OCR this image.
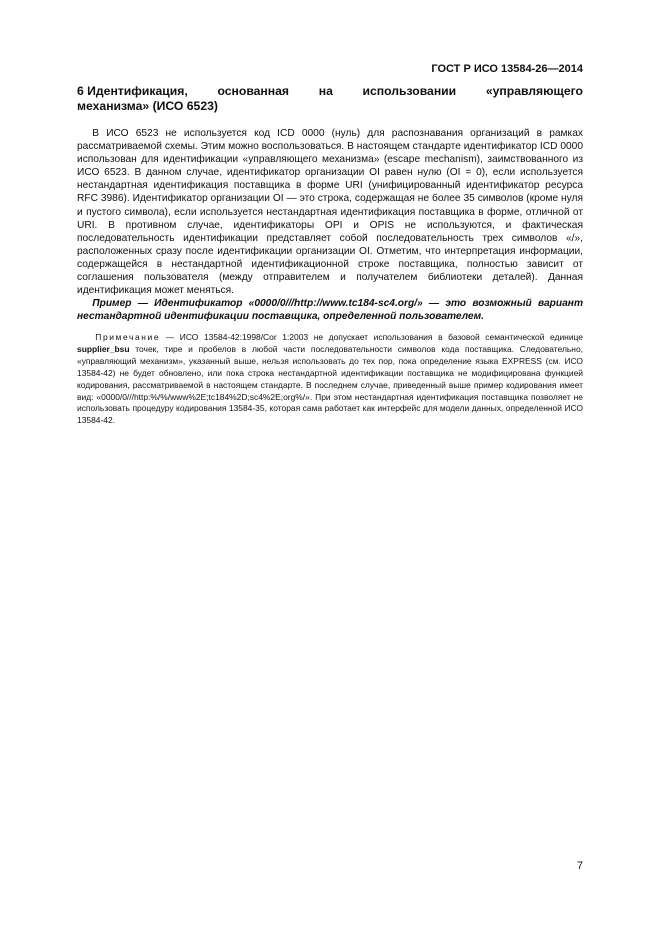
ГОСТ Р ИСО 13584-26—2014
6 Идентификация, основанная на использовании «управляющего
механизма» (ИСО 6523)

  В ИСО 6523 не используется код ICD 0000 (нуль) для распознавания организаций в рамках рассматриваемой схемы. Этим можно воспользоваться. В настоящем стандарте идентификатор ICD 0000 использован для идентификации «управляющего механизма» (escape mechanism), заимствованного из ИСО 6523. В данном случае, идентификатор организации OI равен нулю (OI = 0), если используется нестандартная идентификация поставщика в форме URI (унифицированный идентификатор ресурса RFC 3986). Идентификатор организации OI — это строка, содержащая не более 35 символов (кроме нуля и пустого символа), если используется нестандартная идентификация поставщика в форме, отличной от URI. В противном случае, идентификаторы OPI и OPIS не используются, и фактическая последовательность идентификации представляет собой последовательность трех символов «/», расположенных сразу после идентификации организации OI. Отметим, что интерпретация информации, содержащейся в нестандартной идентификационной строке поставщика, полностью зависит от соглашения пользователя (между отправителем и получателем библиотеки деталей). Данная идентификация может меняться.

  Пример — Идентификатор «0000/0///http://www.tc184-sc4.org/» — это возможный вариант нестандартной идентификации поставщика, определенной пользователем.

   Примечание — ИСО 13584-42:1998/Cor 1:2003 не допускает использования в базовой семантической единице supplier_bsu точек, тире и пробелов в любой части последовательности символов кода поставщика. Следовательно, «управляющий механизм», указанный выше, нельзя использовать до тех пор, пока определение языка EXPRESS (см. ИСО 13584-42) не будет обновлено, или пока строка нестандартной идентификации поставщика не модифицирована функцией кодирования, рассматриваемой в настоящем стандарте. В последнем случае, приведенный выше пример кодирования имеет вид: «0000/0///http:%/%/www%2E;tc184%2D;sc4%2E;org%/». При этом нестандартная идентификация поставщика позволяет не использовать процедуру кодирования 13584-35, которая сама работает как интерфейс для модели данных, определенной ИСО 13584-42.

7
